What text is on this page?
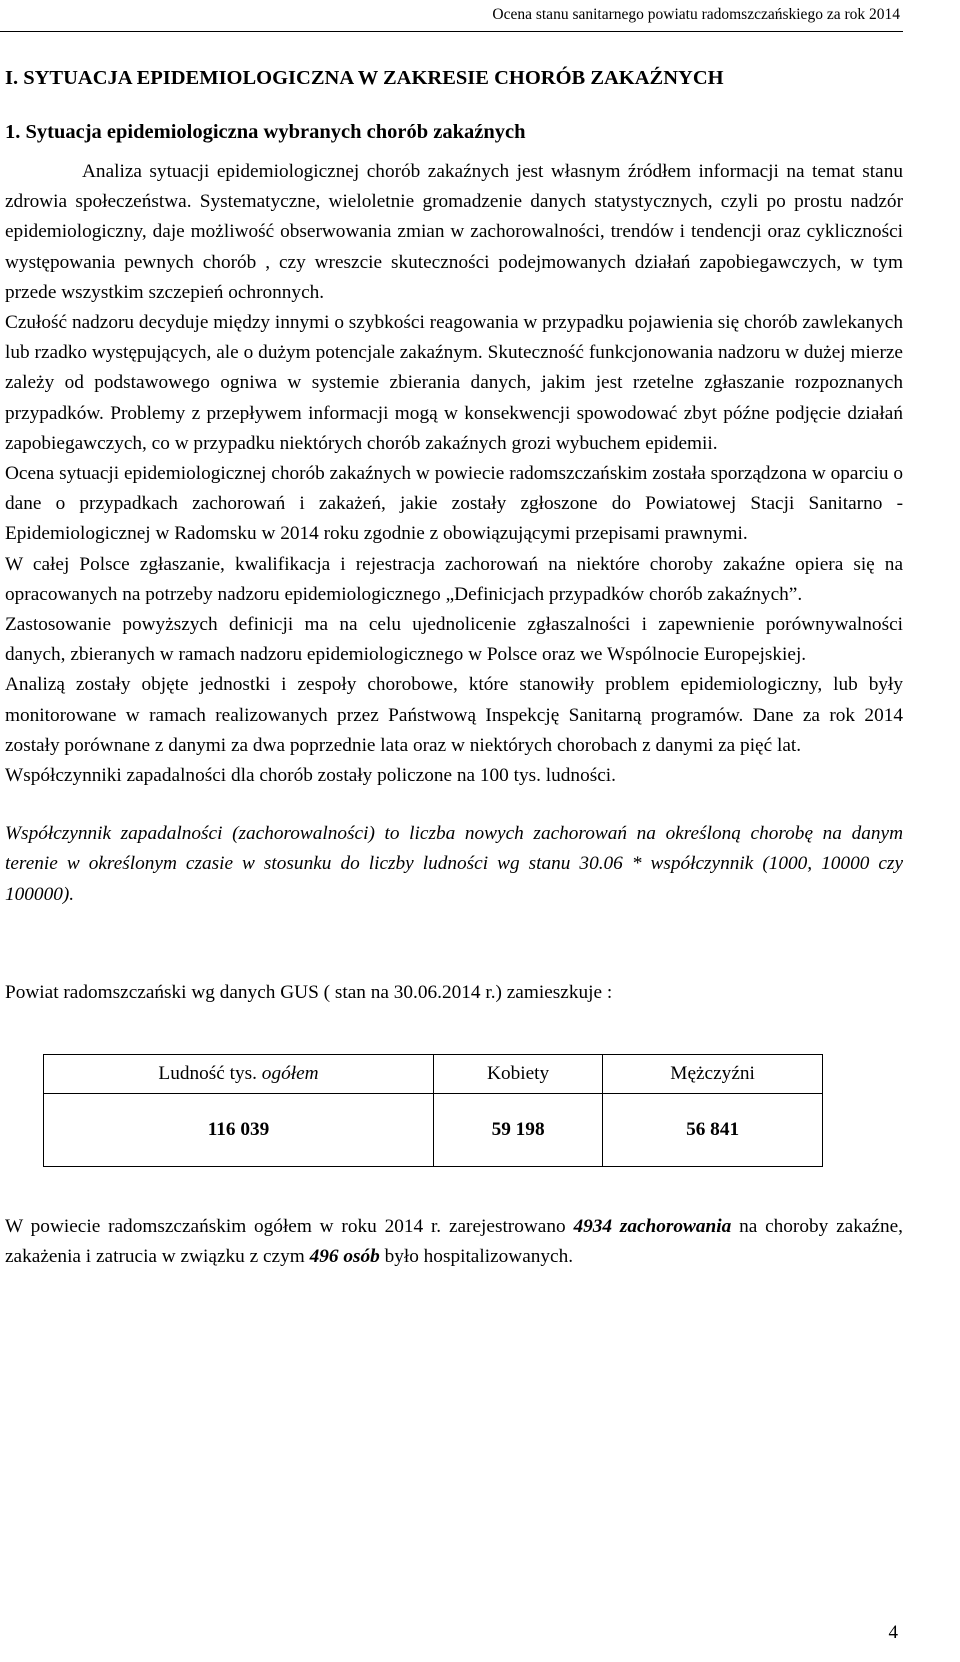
Ocena stanu sanitarnego powiatu radomszczańskiego za rok 2014
I. SYTUACJA EPIDEMIOLOGICZNA W ZAKRESIE CHORÓB ZAKAŹNYCH
1. Sytuacja epidemiologiczna wybranych chorób zakaźnych

Analiza sytuacji epidemiologicznej chorób zakaźnych jest własnym źródłem informacji na temat stanu zdrowia społeczeństwa. Systematyczne, wieloletnie gromadzenie danych statystycznych, czyli po prostu nadzór epidemiologiczny, daje możliwość obserwowania zmian w zachorowalności, trendów i tendencji oraz cykliczności występowania pewnych chorób , czy wreszcie skuteczności podejmowanych działań zapobiegawczych, w tym przede wszystkim szczepień ochronnych.

Czułość nadzoru decyduje między innymi o szybkości reagowania w przypadku pojawienia się chorób zawlekanych lub rzadko występujących, ale o dużym potencjale zakaźnym. Skuteczność funkcjonowania nadzoru w dużej mierze zależy od podstawowego ogniwa w systemie zbierania danych, jakim jest rzetelne zgłaszanie rozpoznanych przypadków. Problemy z przepływem informacji mogą w konsekwencji spowodować zbyt późne podjęcie działań zapobiegawczych, co w przypadku niektórych chorób zakaźnych grozi wybuchem epidemii.

Ocena sytuacji epidemiologicznej chorób zakaźnych w powiecie radomszczańskim została sporządzona w oparciu o dane o przypadkach zachorowań i zakażeń, jakie zostały zgłoszone do Powiatowej Stacji Sanitarno - Epidemiologicznej w Radomsku w 2014 roku zgodnie z obowiązującymi przepisami prawnymi.

W całej Polsce zgłaszanie, kwalifikacja i rejestracja zachorowań na niektóre choroby zakaźne opiera się na opracowanych na potrzeby nadzoru epidemiologicznego „Definicjach przypadków chorób zakaźnych”.

Zastosowanie powyższych definicji ma na celu ujednolicenie zgłaszalności i zapewnienie porównywalności danych, zbieranych w ramach nadzoru epidemiologicznego w Polsce oraz we Wspólnocie Europejskiej.

Analizą zostały objęte jednostki i zespoły chorobowe, które stanowiły problem epidemiologiczny, lub były monitorowane w ramach realizowanych przez Państwową Inspekcję Sanitarną programów. Dane za rok 2014 zostały porównane z danymi za dwa poprzednie lata oraz w niektórych chorobach z danymi za pięć lat.

Współczynniki zapadalności dla chorób zostały policzone na 100 tys. ludności.

Współczynnik zapadalności (zachorowalności) to liczba nowych zachorowań na określoną chorobę na danym terenie w określonym czasie w stosunku do liczby ludności wg stanu 30.06 * współczynnik (1000, 10000 czy 100000).

Powiat radomszczański wg danych GUS ( stan na 30.06.2014 r.) zamieszkuje :

Ludność tys. ogółem	Kobiety	Mężczyźni
116 039	59 198	56 841

W powiecie radomszczańskim ogółem w roku 2014 r. zarejestrowano 4934 zachorowania na choroby zakaźne, zakażenia i zatrucia w związku z czym 496 osób było hospitalizowanych.

4
